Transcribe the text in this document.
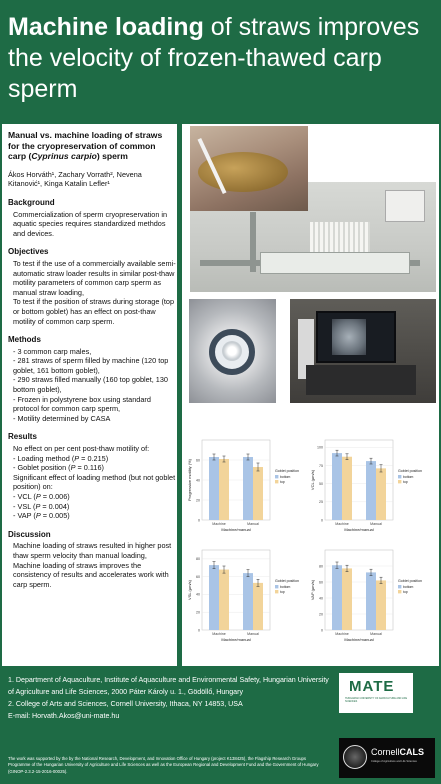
Machine loading of straws improves the velocity of frozen-thawed carp sperm
Manual vs. machine loading of straws for the cryopreservation of common carp (Cyprinus carpio) sperm
Ákos Horváth¹, Zachary Vorrath², Nevena Kitanović¹, Kinga Katalin Lefler¹
Background

Commercialization of sperm cryopreservation in aquatic species requires standardized methdos and devices.

Objectives

To test if the use of a commercially available semi-automatic straw loader results in similar post-thaw motility parameters of common carp sperm as manual straw loading,

To test if the position of straws during storage (top or bottom goblet) has an effect on post-thaw motility of common carp sperm.

Methods

- 3 common carp males,

- 281 straws of sperm filled by machine (120 top goblet, 161 bottom goblet),

- 290 straws filled manually (160 top goblet, 130 bottom goblet),

- Frozen in polystyrene box using standard protocol for common carp sperm,

- Motility determined by CASA

Results

No effect on per cent post-thaw motility of:

- Loading method (P = 0.215)

- Goblet position (P = 0.116)

Significant effect of loading method (but not goblet position) on:

- VCL (P = 0.006)

- VSL (P = 0.004)

- VAP (P = 0.005)

Discussion

Machine loading of straws resulted in higher post thaw sperm velocity than manual loading,

Machine loading of straws improves the consistency of results and accelerates work with carp sperm.

0
20
40
60
Machine	Manual
Machine/manual
Progressive motility (%)	Goblet position
bottom
top
0
25
50
75
100
Machine	Manual
Machine/manual
VCL (µm/s)	Goblet position
bottom
top
0
20
40
60
80
Machine	Manual
Machine/manual
VSL (µm/s)	Goblet position
bottom
top
0
20
40
60
80
Machine	Manual
Machine/manual
VAP (µm/s)	Goblet position
bottom
top

1. Department of Aquaculture, Institute of Aquaculture and Environmental Safety, Hungarian University of Agriculture and Life Sciences, 2000 Páter Károly u. 1., Gödöllő, Hungary

2. College of Arts and Sciences, Cornell University, Ithaca, NY 14853, USA

E-mail: Horvath.Akos@uni-mate.hu

The work was supported by the by the National Research, Development, and Innovation Office of Hungary (project K138425), the Flagship Research Groups Programme of the Hungarian University of Agriculture and Life Sciences as well as the European Regional and Development Fund and the Government of Hungary (GINOP-2.3.2-15-2016-00025).
MATE
HUNGARIAN UNIVERSITY OF AGRICULTURE AND LIFE SCIENCES
CornellCALS
College of Agriculture and Life Sciences
